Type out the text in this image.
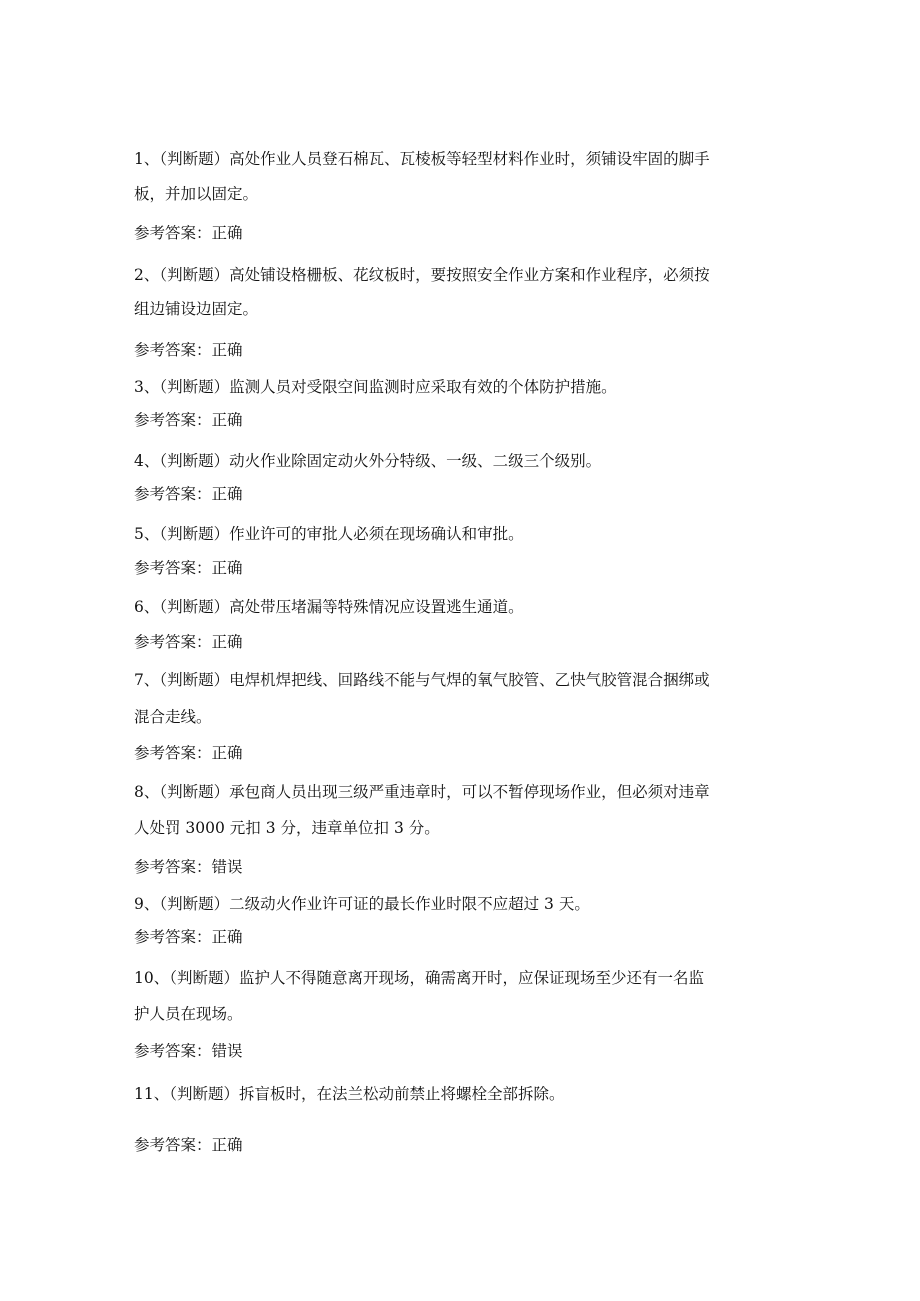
1、（判断题）高处作业人员登石棉瓦、瓦棱板等轻型材料作业时，须铺设牢固的脚手
板，并加以固定。
参考答案：正确
2、（判断题）高处铺设格栅板、花纹板时，要按照安全作业方案和作业程序，必须按
组边铺设边固定。
参考答案：正确
3、（判断题）监测人员对受限空间监测时应采取有效的个体防护措施。
参考答案：正确
4、（判断题）动火作业除固定动火外分特级、一级、二级三个级别。
参考答案：正确
5、（判断题）作业许可的审批人必须在现场确认和审批。
参考答案：正确
6、（判断题）高处带压堵漏等特殊情况应设置逃生通道。
参考答案：正确
7、（判断题）电焊机焊把线、回路线不能与气焊的氧气胶管、乙快气胶管混合捆绑或
混合走线。
参考答案：正确
8、（判断题）承包商人员出现三级严重违章时，可以不暂停现场作业，但必须对违章
人处罚 3000 元扣 3 分，违章单位扣 3 分。
参考答案：错误
9、（判断题）二级动火作业许可证的最长作业时限不应超过 3 天。
参考答案：正确
10、（判断题）监护人不得随意离开现场，确需离开时，应保证现场至少还有一名监
护人员在现场。
参考答案：错误
11、（判断题）拆盲板时，在法兰松动前禁止将螺栓全部拆除。
参考答案：正确
